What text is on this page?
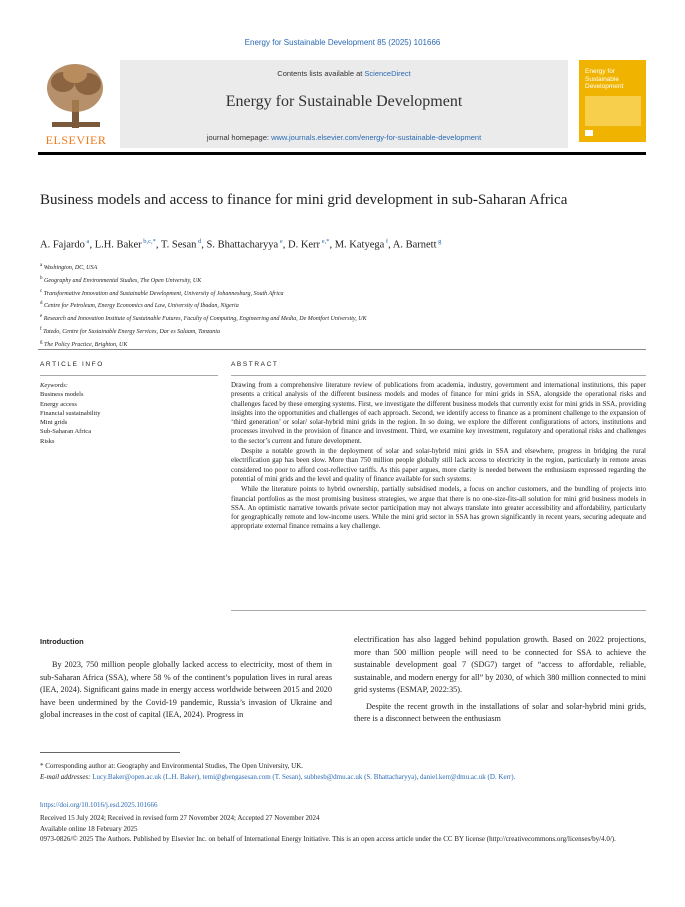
Energy for Sustainable Development 85 (2025) 101666
ELSEVIER
Contents lists available at ScienceDirect
Energy for Sustainable Development
journal homepage: www.journals.elsevier.com/energy-for-sustainable-development
Energy for Sustainable Development
Business models and access to finance for mini grid development in sub-Saharan Africa
A. Fajardo $^a$, L.H. Baker $^{b,c,*}$, T. Sesan $^d$, S. Bhattacharyya $^e$, D. Kerr $^{e,*}$, M. Katyega $^f$, A. Barnett $^g$
$^a$ Washington, DC, USA
$^b$ Geography and Environmental Studies, The Open University, UK
$^c$ Transformative Innovation and Sustainable Development, University of Johannesburg, South Africa
$^d$ Centre for Petroleum, Energy Economics and Law, University of Ibadan, Nigeria
$^e$ Research and Innovation Institute of Sustainable Futures, Faculty of Computing, Engineering and Media, De Montfort University, UK
$^f$ Tatedo, Centre for Sustainable Energy Services, Dar es Salaam, Tanzania
$^g$ The Policy Practice, Brighton, UK
ARTICLE INFO	ABSTRACT
Keywords:
Business models
Energy access
Financial sustainability
Mini grids
Sub-Saharan Africa
Risks

Drawing from a comprehensive literature review of publications from academia, industry, government and international institutions, this paper presents a critical analysis of the different business models and modes of finance for mini grids in SSA, alongside the operational risks and challenges faced by these emerging systems. First, we investigate the different business models that currently exist for mini grids in SSA, providing insights into the opportunities and challenges of each approach. Second, we identify access to finance as a prominent challenge to the expansion of ‘third generation’ or solar/ solar-hybrid mini grids in the region. In so doing, we explore the different configurations of actors, institutions and processes involved in the provision of finance and investment. Third, we examine key investment, regulatory and operational risks and challenges to the sector’s current and future development.

Despite a notable growth in the deployment of solar and solar-hybrid mini grids in SSA and elsewhere, progress in bridging the rural electrification gap has been slow. More than 750 million people globally still lack access to electricity in the region, particularly in remote areas considered too poor to afford cost-reflective tariffs. As this paper argues, more clarity is needed between the enthusiasm expressed regarding the potential of mini grids and the level and quality of finance available for such systems.

While the literature points to hybrid ownership, partially subsidised models, a focus on anchor customers, and the bundling of projects into financial portfolios as the most promising business strategies, we argue that there is no one-size-fits-all solution for mini grid business models in SSA. An optimistic narrative towards private sector participation may not always translate into greater accessibility and affordability, particularly for geographically remote and low-income users. While the mini grid sector in SSA has grown significantly in recent years, securing adequate and appropriate external finance remains a key challenge.

Introduction
By 2023, 750 million people globally lacked access to electricity, most of them in sub-Saharan Africa (SSA), where 58 % of the continent’s population lives in rural areas (IEA, 2024). Significant gains made in energy access worldwide between 2015 and 2020 have been undermined by the Covid-19 pandemic, Russia’s invasion of Ukraine and global increases in the cost of capital (IEA, 2024). Progress in

electrification has also lagged behind population growth. Based on 2022 projections, more than 500 million people will need to be connected for SSA to achieve the sustainable development goal 7 (SDG7) target of “access to affordable, reliable, sustainable, and modern energy for all” by 2030, of which 380 million connected to mini grid systems (ESMAP, 2022:35).

Despite the recent growth in the installations of solar and solar-hybrid mini grids, there is a disconnect between the enthusiasm

* Corresponding author at: Geography and Environmental Studies, The Open University, UK.
E-mail addresses: Lucy.Baker@open.ac.uk (L.H. Baker), temi@gbengasesan.com (T. Sesan), subhesb@dmu.ac.uk (S. Bhattacharyya), daniel.kerr@dmu.ac.uk (D. Kerr).
https://doi.org/10.1016/j.esd.2025.101666
Received 15 July 2024; Received in revised form 27 November 2024; Accepted 27 November 2024
Available online 18 February 2025
0973-0826/© 2025 The Authors. Published by Elsevier Inc. on behalf of International Energy Initiative. This is an open access article under the CC BY license (http://creativecommons.org/licenses/by/4.0/).
